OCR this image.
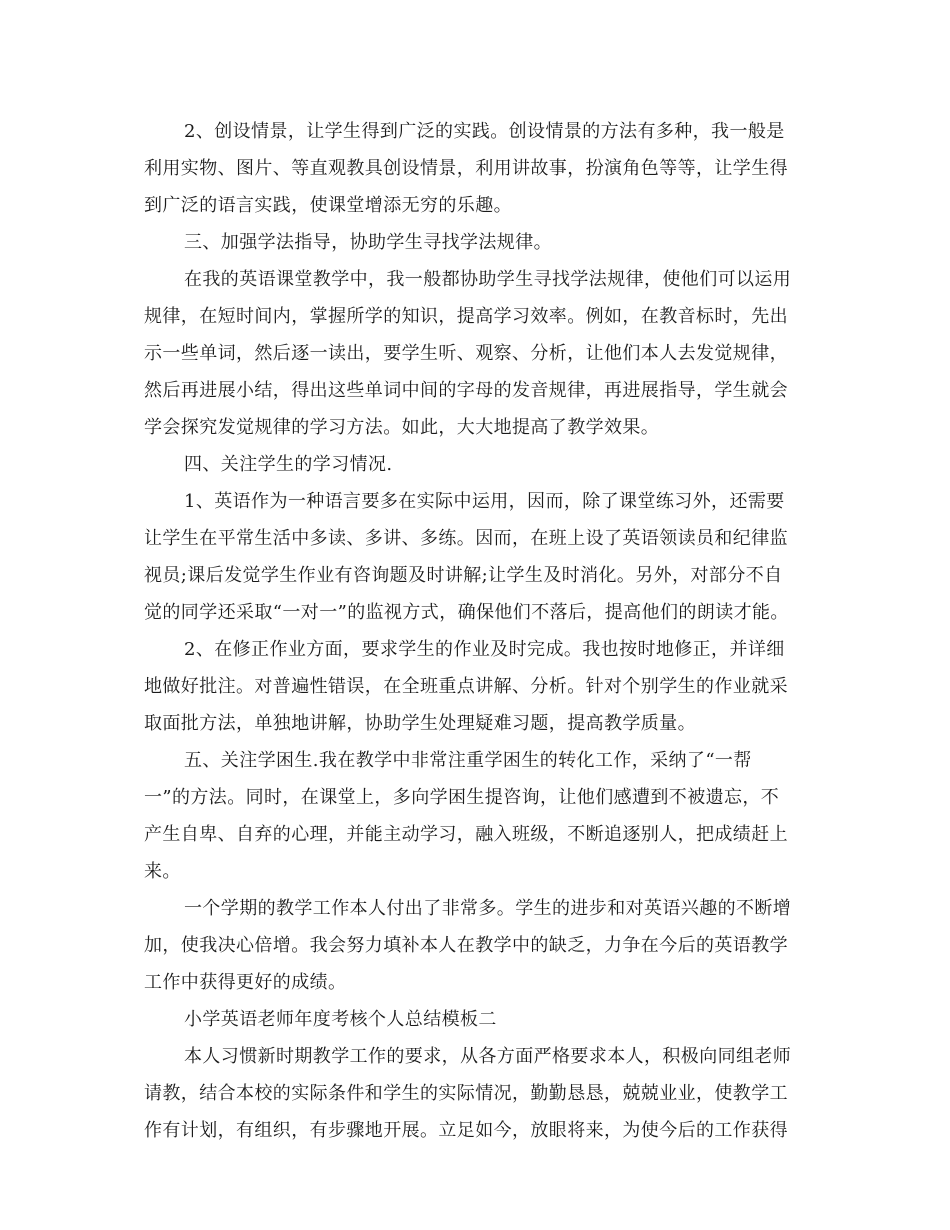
2、创设情景，让学生得到广泛的实践。创设情景的方法有多种，我一般是
利用实物、图片、等直观教具创设情景，利用讲故事，扮演角色等等，让学生得
到广泛的语言实践，使课堂增添无穷的乐趣。
三、加强学法指导，协助学生寻找学法规律。
在我的英语课堂教学中，我一般都协助学生寻找学法规律，使他们可以运用
规律，在短时间内，掌握所学的知识，提高学习效率。例如，在教音标时，先出
示一些单词，然后逐一读出，要学生听、观察、分析，让他们本人去发觉规律，
然后再进展小结，得出这些单词中间的字母的发音规律，再进展指导，学生就会
学会探究发觉规律的学习方法。如此，大大地提高了教学效果。
四、关注学生的学习情况.
1、英语作为一种语言要多在实际中运用，因而，除了课堂练习外，还需要
让学生在平常生活中多读、多讲、多练。因而，在班上设了英语领读员和纪律监
视员;课后发觉学生作业有咨询题及时讲解;让学生及时消化。另外，对部分不自
觉的同学还采取“一对一”的监视方式，确保他们不落后，提高他们的朗读才能。
2、在修正作业方面，要求学生的作业及时完成。我也按时地修正，并详细
地做好批注。对普遍性错误，在全班重点讲解、分析。针对个别学生的作业就采
取面批方法，单独地讲解，协助学生处理疑难习题，提高教学质量。
五、关注学困生.我在教学中非常注重学困生的转化工作，采纳了“一帮
一”的方法。同时，在课堂上，多向学困生提咨询，让他们感遭到不被遗忘，不
产生自卑、自弃的心理，并能主动学习，融入班级，不断追逐别人，把成绩赶上
来。
一个学期的教学工作本人付出了非常多。学生的进步和对英语兴趣的不断增
加，使我决心倍增。我会努力填补本人在教学中的缺乏，力争在今后的英语教学
工作中获得更好的成绩。
小学英语老师年度考核个人总结模板二
本人习惯新时期教学工作的要求，从各方面严格要求本人，积极向同组老师
请教，结合本校的实际条件和学生的实际情况，勤勤恳恳，兢兢业业，使教学工
作有计划，有组织，有步骤地开展。立足如今，放眼将来，为使今后的工作获得
